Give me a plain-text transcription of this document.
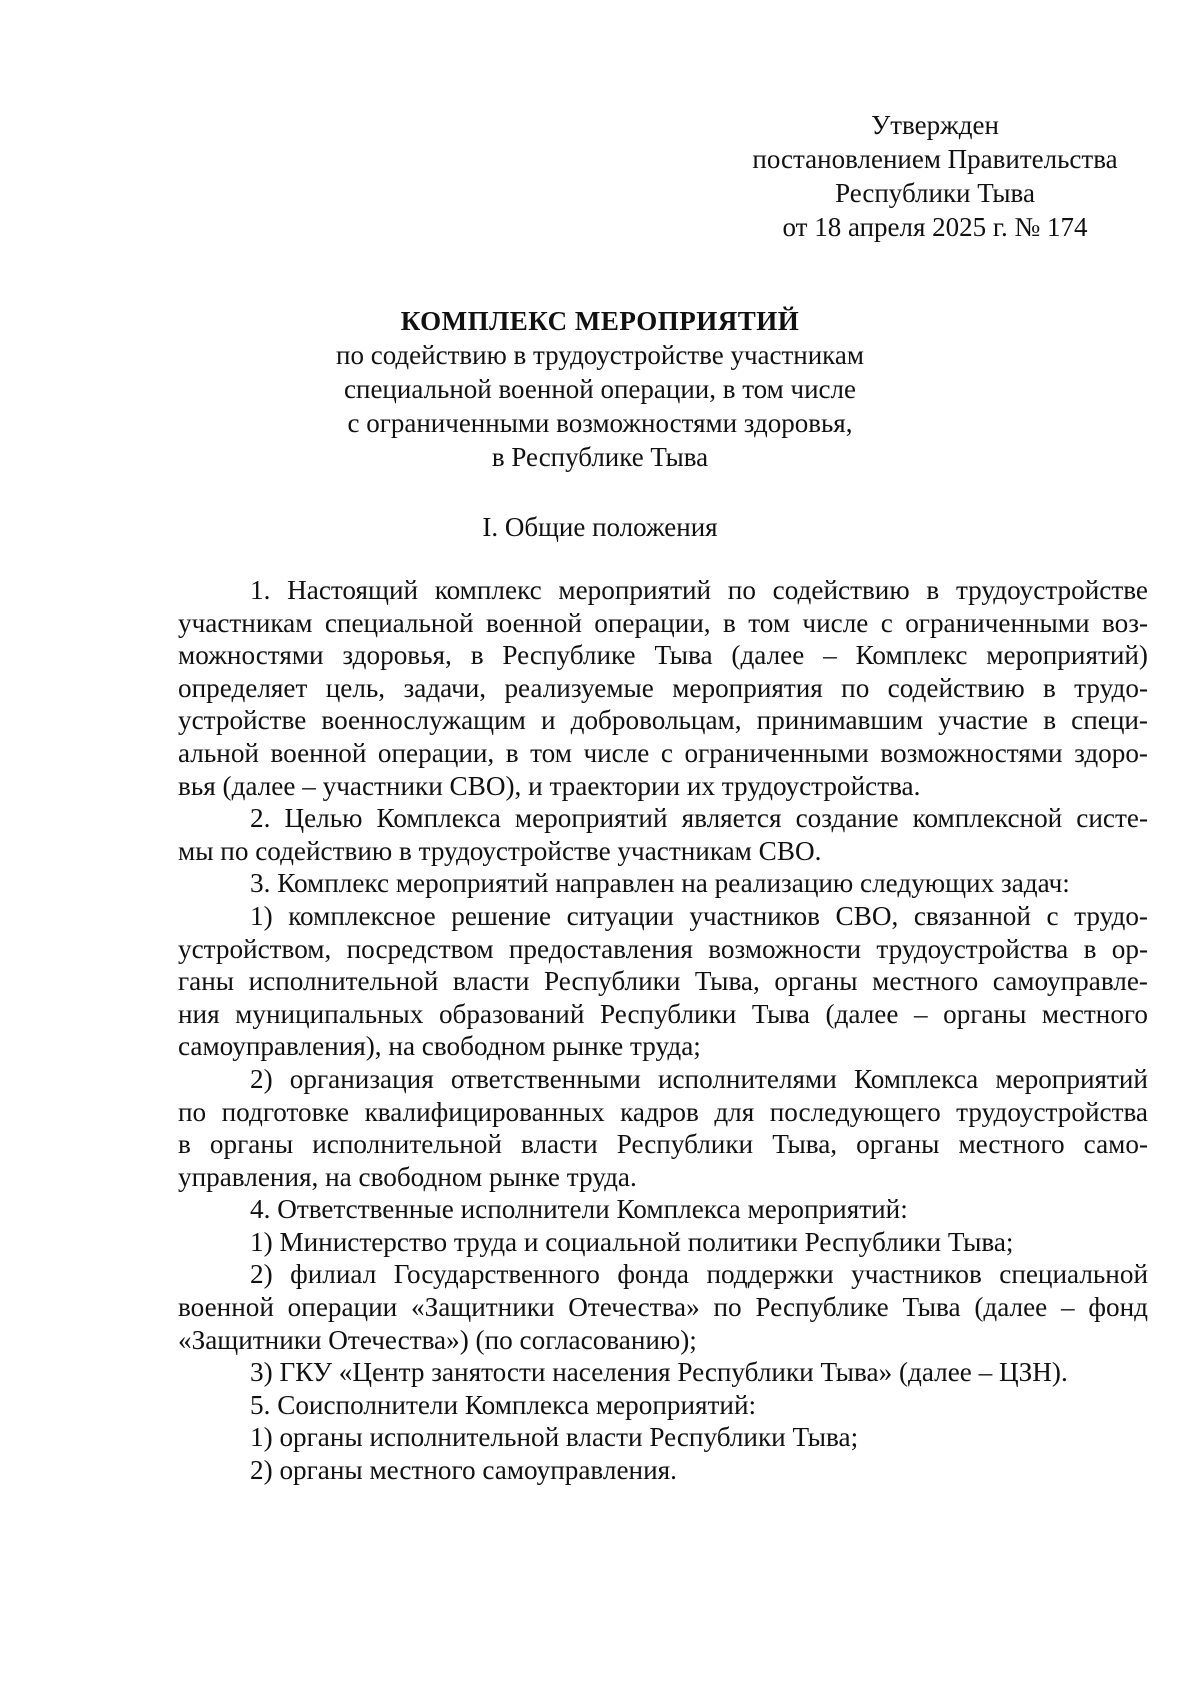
Утвержден
постановлением Правительства
Республики Тыва
от 18 апреля 2025 г. № 174
КОМПЛЕКС МЕРОПРИЯТИЙ
по содействию в трудоустройстве участникам
специальной военной операции, в том числе
с ограниченными возможностями здоровья,
в Республике Тыва
I. Общие положения
1. Настоящий комплекс мероприятий по содействию в трудоустройстве
участникам специальной военной операции, в том числе с ограниченными воз-
можностями здоровья, в Республике Тыва (далее – Комплекс мероприятий)
определяет цель, задачи, реализуемые мероприятия по содействию в трудо-
устройстве военнослужащим и добровольцам, принимавшим участие в специ-
альной военной операции, в том числе с ограниченными возможностями здоро-
вья (далее – участники СВО), и траектории их трудоустройства.
2. Целью Комплекса мероприятий является создание комплексной систе-
мы по содействию в трудоустройстве участникам СВО.
3. Комплекс мероприятий направлен на реализацию следующих задач:
1) комплексное решение ситуации участников СВО, связанной с трудо-
устройством, посредством предоставления возможности трудоустройства в ор-
ганы исполнительной власти Республики Тыва, органы местного самоуправле-
ния муниципальных образований Республики Тыва (далее – органы местного
самоуправления), на свободном рынке труда;
2) организация ответственными исполнителями Комплекса мероприятий
по подготовке квалифицированных кадров для последующего трудоустройства
в органы исполнительной власти Республики Тыва, органы местного само-
управления, на свободном рынке труда.
4. Ответственные исполнители Комплекса мероприятий:
1) Министерство труда и социальной политики Республики Тыва;
2) филиал Государственного фонда поддержки участников специальной
военной операции «Защитники Отечества» по Республике Тыва (далее – фонд
«Защитники Отечества») (по согласованию);
3) ГКУ «Центр занятости населения Республики Тыва» (далее – ЦЗН).
5. Соисполнители Комплекса мероприятий:
1) органы исполнительной власти Республики Тыва;
2) органы местного самоуправления.
